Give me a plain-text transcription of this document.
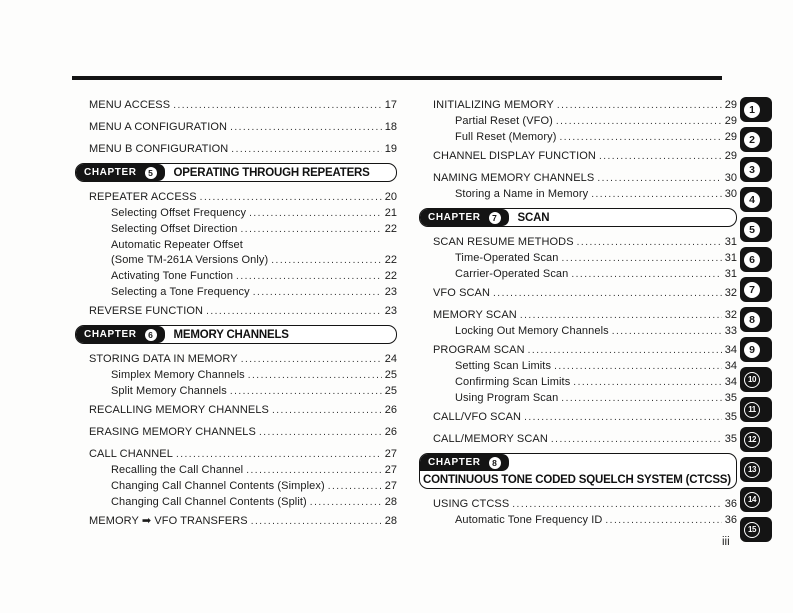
MENU ACCESS .....	17
MENU A CONFIGURATION .....	18
MENU B CONFIGURATION .....	19
CHAPTER	5	OPERATING THROUGH REPEATERS
REPEATER ACCESS .....	20
Selecting Offset Frequency .....	21
Selecting Offset Direction .....	22
Automatic Repeater Offset
(Some TM-261A Versions Only) .....	22
Activating Tone Function .....	22
Selecting a Tone Frequency .....	23
REVERSE FUNCTION .....	23
CHAPTER	6	MEMORY CHANNELS
STORING DATA IN MEMORY .....	24
Simplex Memory Channels .....	25
Split Memory Channels .....	25
RECALLING MEMORY CHANNELS .....	26
ERASING MEMORY CHANNELS .....	26
CALL CHANNEL .....	27
Recalling the Call Channel .....	27
Changing Call Channel Contents (Simplex) .....	27
Changing Call Channel Contents (Split) .....	28
MEMORY ➡ VFO TRANSFERS .....	28
INITIALIZING MEMORY .....	29
Partial Reset (VFO) .....	29
Full Reset (Memory) .....	29
CHANNEL DISPLAY FUNCTION .....	29
NAMING MEMORY CHANNELS .....	30
Storing a Name in Memory .....	30
CHAPTER	7	SCAN
SCAN RESUME METHODS .....	31
Time-Operated Scan .....	31
Carrier-Operated Scan .....	31
VFO SCAN .....	32
MEMORY SCAN .....	32
Locking Out Memory Channels .....	33
PROGRAM SCAN .....	34
Setting Scan Limits .....	34
Confirming Scan Limits .....	34
Using Program Scan .....	35
CALL/VFO SCAN .....	35
CALL/MEMORY SCAN .....	35
CHAPTER	8
CONTINUOUS TONE CODED SQUELCH SYSTEM (CTCSS)
USING CTCSS .....	36
Automatic Tone Frequency ID .....	36
1
2
3
4
5
6
7
8
9
10
11
12
13
14
15
iii
